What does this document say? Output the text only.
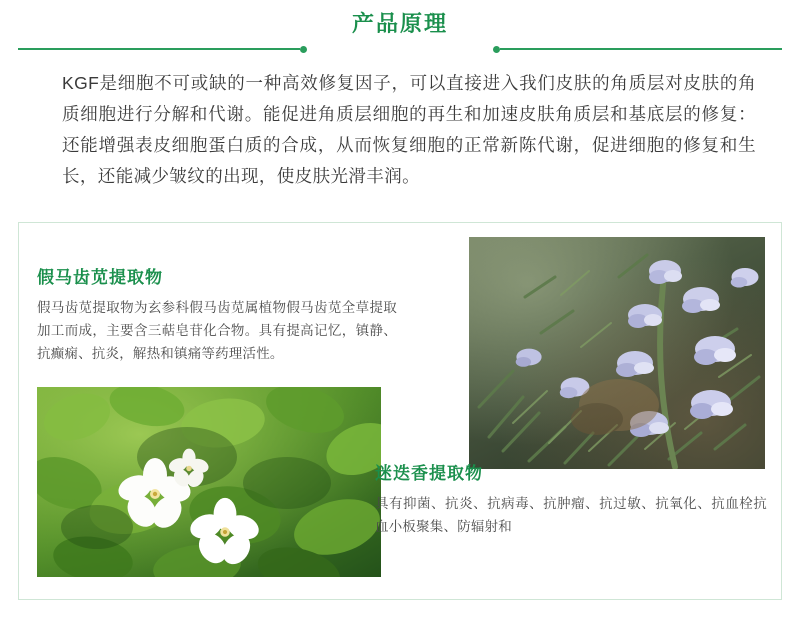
产品原理

KGF是细胞不可或缺的一种高效修复因子，可以直接进入我们皮肤的角质层对皮肤的角质细胞进行分解和代谢。能促进角质层细胞的再生和加速皮肤角质层和基底层的修复：还能增强表皮细胞蛋白质的合成，从而恢复细胞的正常新陈代谢，促进细胞的修复和生长，还能减少皱纹的出现，使皮肤光滑丰润。

假马齿苋提取物

假马齿苋提取物为玄参科假马齿苋属植物假马齿苋全草提取加工而成，主要含三萜皂苷化合物。具有提高记忆，镇静、抗癫痫、抗炎，解热和镇痛等药理活性。

迷迭香提取物

具有抑菌、抗炎、抗病毒、抗肿瘤、抗过敏、抗氧化、抗血栓抗血小板聚集、防辐射和
